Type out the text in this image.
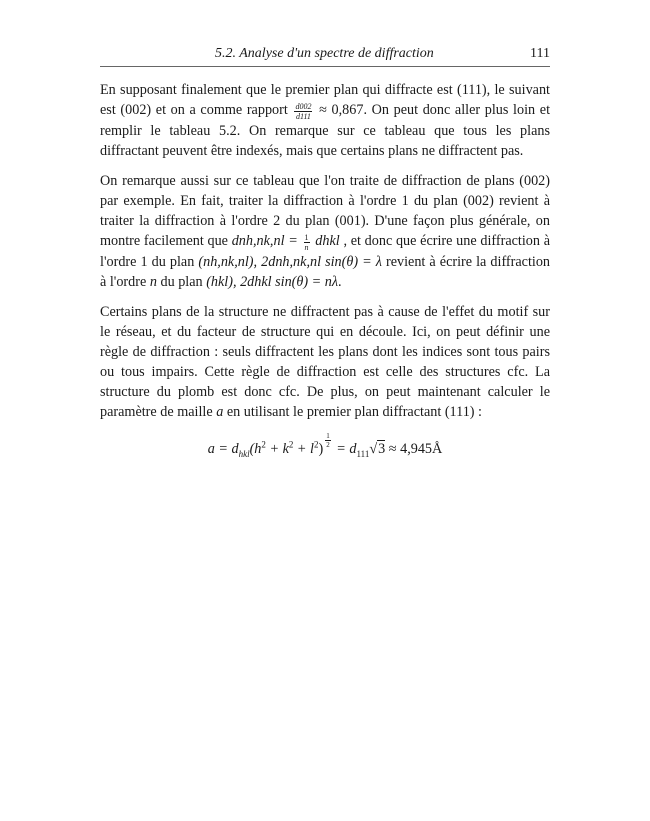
5.2. Analyse d'un spectre de diffraction	111

En supposant finalement que le premier plan qui diffracte est (111), le suivant est (002) et on a comme rapport $\frac{d002}{d111} \approx 0,867$. On peut donc aller plus loin et remplir le tableau 5.2. On remarque sur ce tableau que tous les plans diffractant peuvent être indexés, mais que certains plans ne diffractent pas.

On remarque aussi sur ce tableau que l'on traite de diffraction de plans (002) par exemple. En fait, traiter la diffraction à l'ordre 1 du plan (002) revient à traiter la diffraction à l'ordre 2 du plan (001). D'une façon plus générale, on montre facilement que $dnh,nk,nl = \frac{1}{n}$ dhkl , et donc que écrire une diffraction à l'ordre 1 du plan (nh,nk,nl), 2dnh,nk,nl sin(θ) = λ revient à écrire la diffraction à l'ordre n du plan (hkl), 2dhkl sin(θ) = nλ.

Certains plans de la structure ne diffractent pas à cause de l'effet du motif sur le réseau, et du facteur de structure qui en découle. Ici, on peut définir une règle de diffraction : seuls diffractent les plans dont les indices sont tous pairs ou tous impairs. Cette règle de diffraction est celle des structures cfc. La structure du plomb est donc cfc. De plus, on peut maintenant calculer le paramètre de maille a en utilisant le premier plan diffractant (111) :

$a = d_{hkl}(h^2 + k^2 + l^2) \frac{1}{2} = d_{111}√3$ ≈ 4,945Å
